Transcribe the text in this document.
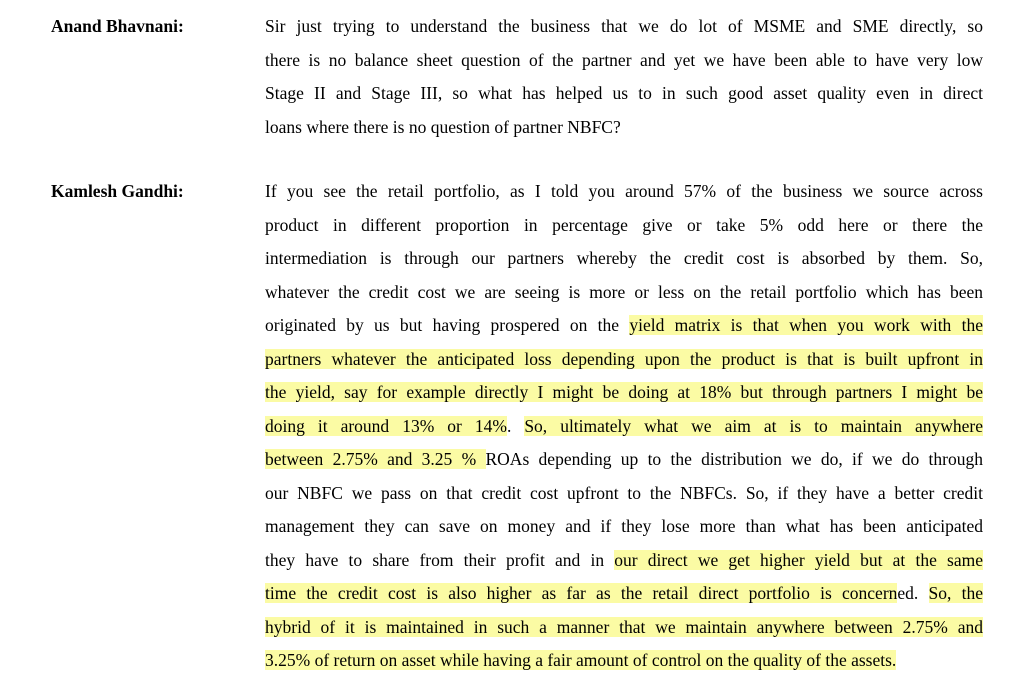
Anand Bhavnani:	Sir just trying to understand the business that we do lot of MSME and SME directly, so
there is no balance sheet question of the partner and yet we have been able to have very low
Stage II and Stage III, so what has helped us to in such good asset quality even in direct
loans where there is no question of partner NBFC?
Kamlesh Gandhi:	If you see the retail portfolio, as I told you around 57% of the business we source across
product in different proportion in percentage give or take 5% odd here or there the
intermediation is through our partners whereby the credit cost is absorbed by them. So,
whatever the credit cost we are seeing is more or less on the retail portfolio which has been
originated by us but having prospered on the yield matrix is that when you work with the
partners whatever the anticipated loss depending upon the product is that is built upfront in
the yield, say for example directly I might be doing at 18% but through partners I might be
doing it around 13% or 14%. So, ultimately what we aim at is to maintain anywhere
between 2.75% and 3.25 % ROAs depending up to the distribution we do, if we do through
our NBFC we pass on that credit cost upfront to the NBFCs. So, if they have a better credit
management they can save on money and if they lose more than what has been anticipated
they have to share from their profit and in our direct we get higher yield but at the same
time the credit cost is also higher as far as the retail direct portfolio is concerned. So, the
hybrid of it is maintained in such a manner that we maintain anywhere between 2.75% and
3.25% of return on asset while having a fair amount of control on the quality of the assets.
